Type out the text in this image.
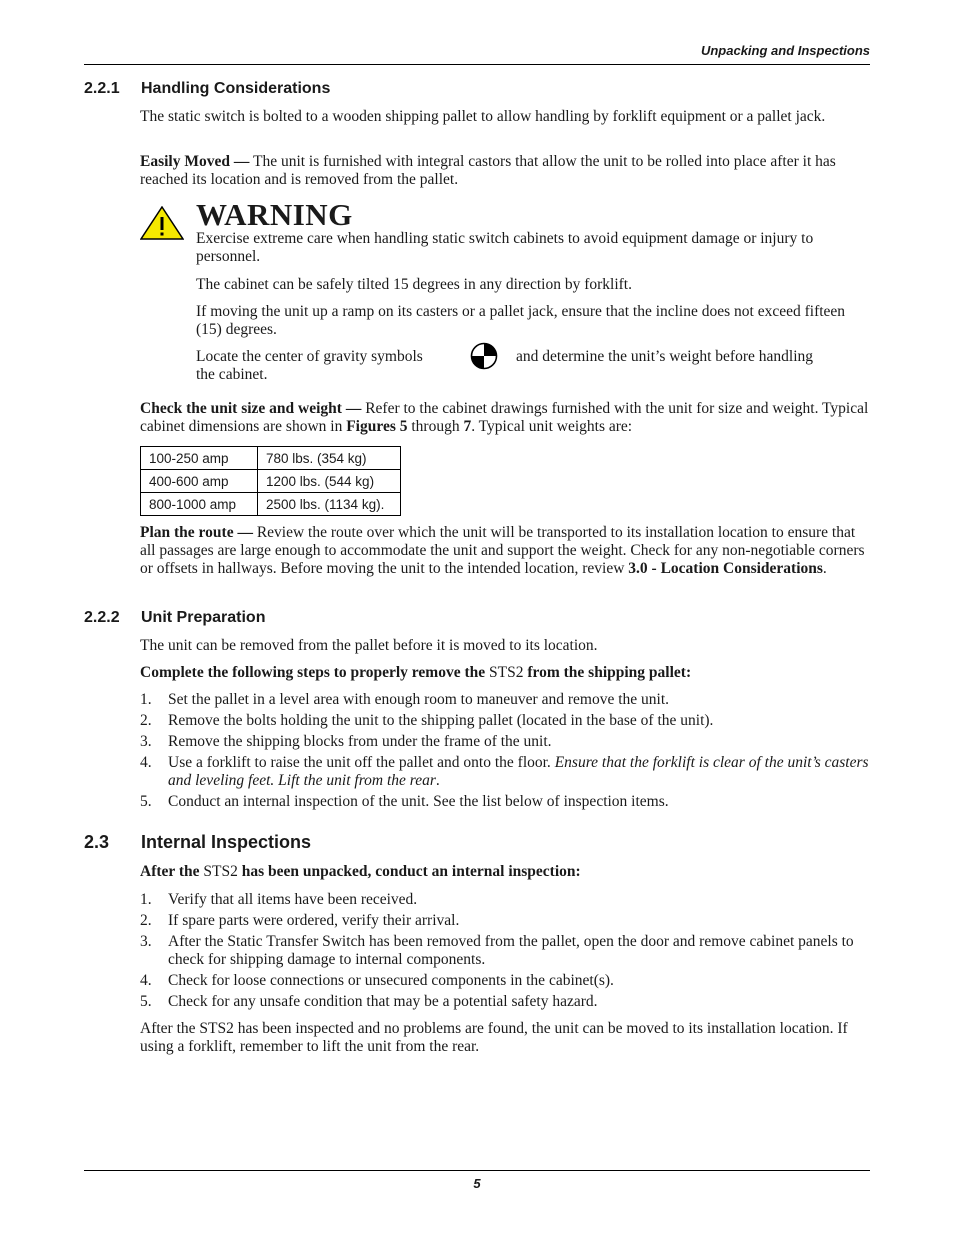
Unpacking and Inspections
2.2.1 Handling Considerations
The static switch is bolted to a wooden shipping pallet to allow handling by forklift equipment or a pallet jack.
Easily Moved — The unit is furnished with integral castors that allow the unit to be rolled into place after it has reached its location and is removed from the pallet.
WARNING
Exercise extreme care when handling static switch cabinets to avoid equipment damage or injury to personnel.
The cabinet can be safely tilted 15 degrees in any direction by forklift.
If moving the unit up a ramp on its casters or a pallet jack, ensure that the incline does not exceed fifteen (15) degrees.
Locate the center of gravity symbols	and determine the unit’s weight before handling
the cabinet.
Check the unit size and weight — Refer to the cabinet drawings furnished with the unit for size and weight. Typical cabinet dimensions are shown in Figures 5 through 7. Typical unit weights are:
100-250 amp	780 lbs. (354 kg)
400-600 amp	1200 lbs. (544 kg)
800-1000 amp	2500 lbs. (1134 kg).
Plan the route — Review the route over which the unit will be transported to its installation location to ensure that all passages are large enough to accommodate the unit and support the weight. Check for any non-negotiable corners or offsets in hallways. Before moving the unit to the intended location, review 3.0 - Location Considerations.
2.2.2 Unit Preparation
The unit can be removed from the pallet before it is moved to its location.
Complete the following steps to properly remove the STS2 from the shipping pallet:
1. Set the pallet in a level area with enough room to maneuver and remove the unit.
2. Remove the bolts holding the unit to the shipping pallet (located in the base of the unit).
3. Remove the shipping blocks from under the frame of the unit.
4. Use a forklift to raise the unit off the pallet and onto the floor. Ensure that the forklift is clear of the unit’s casters and leveling feet. Lift the unit from the rear.
5. Conduct an internal inspection of the unit. See the list below of inspection items.
2.3 Internal Inspections
After the STS2 has been unpacked, conduct an internal inspection:
1. Verify that all items have been received.
2. If spare parts were ordered, verify their arrival.
3. After the Static Transfer Switch has been removed from the pallet, open the door and remove cabinet panels to check for shipping damage to internal components.
4. Check for loose connections or unsecured components in the cabinet(s).
5. Check for any unsafe condition that may be a potential safety hazard.
After the STS2 has been inspected and no problems are found, the unit can be moved to its installation location. If using a forklift, remember to lift the unit from the rear.
5
